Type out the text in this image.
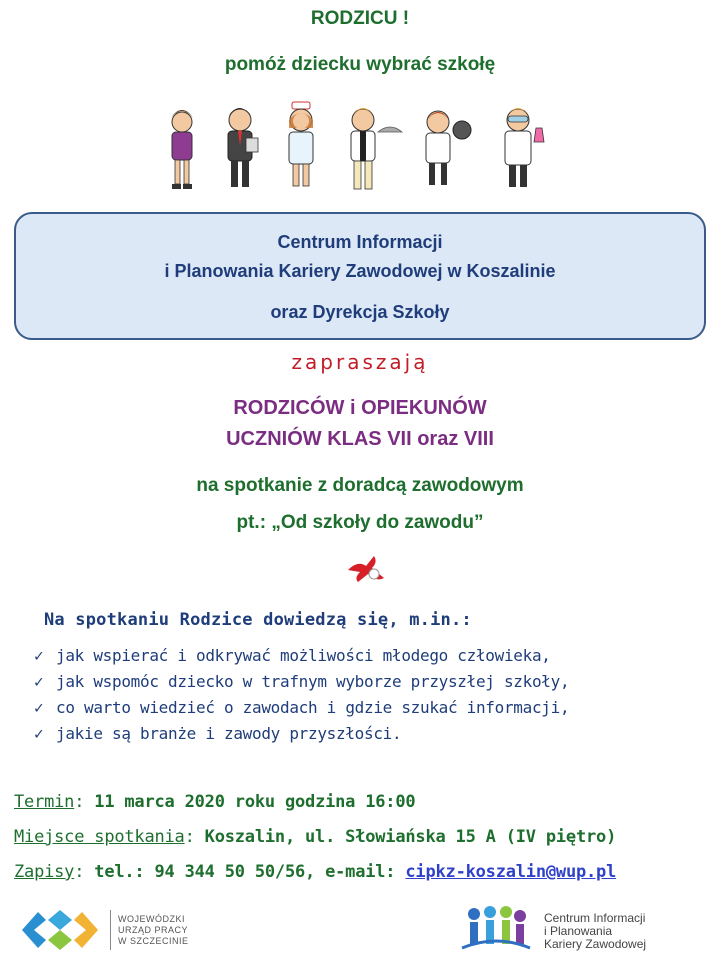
RODZICU !
pomóż dziecku wybrać szkołę
Centrum Informacji
i Planowania Kariery Zawodowej w Koszalinie
oraz Dyrekcja Szkoły
zapraszają
RODZICÓW i OPIEKUNÓW
UCZNIÓW KLAS VII oraz VIII
na spotkanie z doradcą zawodowym
pt.: „Od szkoły do zawodu”
Na spotkaniu Rodzice dowiedzą się, m.in.:
✓ jak wspierać i odkrywać możliwości młodego człowieka,
✓ jak wspomóc dziecko w trafnym wyborze przyszłej szkoły,
✓ co warto wiedzieć o zawodach i gdzie szukać informacji,
✓ jakie są branże i zawody przyszłości.
Termin: 11 marca 2020 roku godzina 16:00
Miejsce spotkania: Koszalin, ul. Słowiańska 15 A (IV piętro)
Zapisy: tel.: 94 344 50 50/56, e-mail: cipkz-koszalin@wup.pl
WOJEWÓDZKI
URZĄD PRACY
W SZCZECINIE
Centrum Informacji
i Planowania
Kariery Zawodowej
